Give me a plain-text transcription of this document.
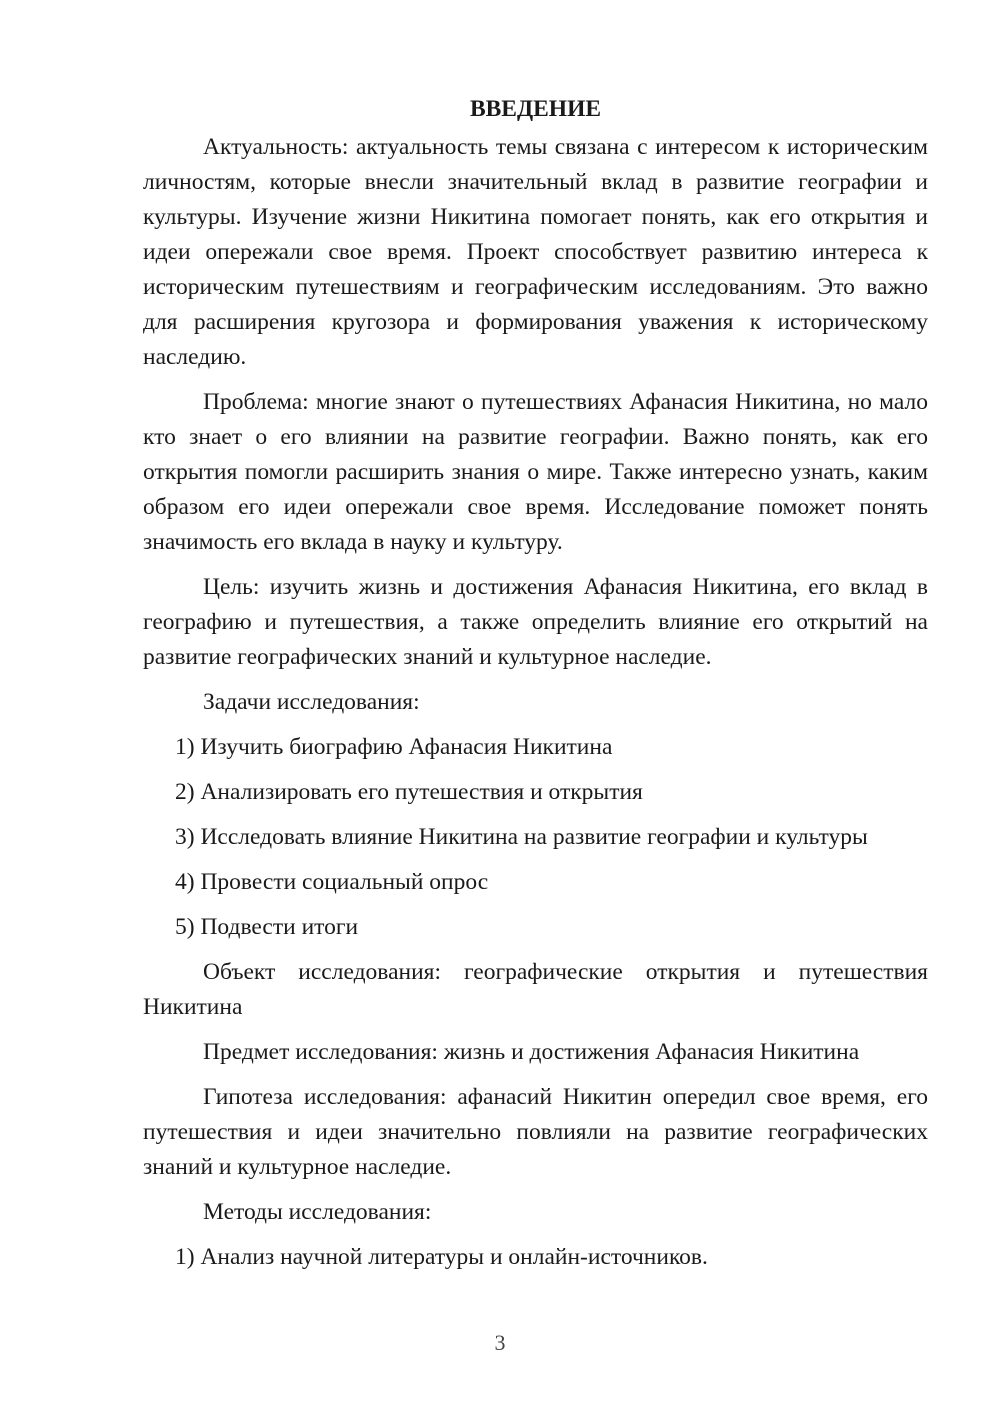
ВВЕДЕНИЕ
Актуальность: актуальность темы связана с интересом к историческим личностям, которые внесли значительный вклад в развитие географии и культуры. Изучение жизни Никитина помогает понять, как его открытия и идеи опережали свое время. Проект способствует развитию интереса к историческим путешествиям и географическим исследованиям. Это важно для расширения кругозора и формирования уважения к историческому наследию.
Проблема: многие знают о путешествиях Афанасия Никитина, но мало кто знает о его влиянии на развитие географии. Важно понять, как его открытия помогли расширить знания о мире. Также интересно узнать, каким образом его идеи опережали свое время. Исследование поможет понять значимость его вклада в науку и культуру.
Цель: изучить жизнь и достижения Афанасия Никитина, его вклад в географию и путешествия, а также определить влияние его открытий на развитие географических знаний и культурное наследие.
Задачи исследования:
1) Изучить биографию Афанасия Никитина
2) Анализировать его путешествия и открытия
3) Исследовать влияние Никитина на развитие географии и культуры
4) Провести социальный опрос
5) Подвести итоги
Объект исследования: географические открытия и путешествия Никитина
Предмет исследования: жизнь и достижения Афанасия Никитина
Гипотеза исследования: афанасий Никитин опередил свое время, его путешествия и идеи значительно повлияли на развитие географических знаний и культурное наследие.
Методы исследования:
1) Анализ научной литературы и онлайн-источников.
3
